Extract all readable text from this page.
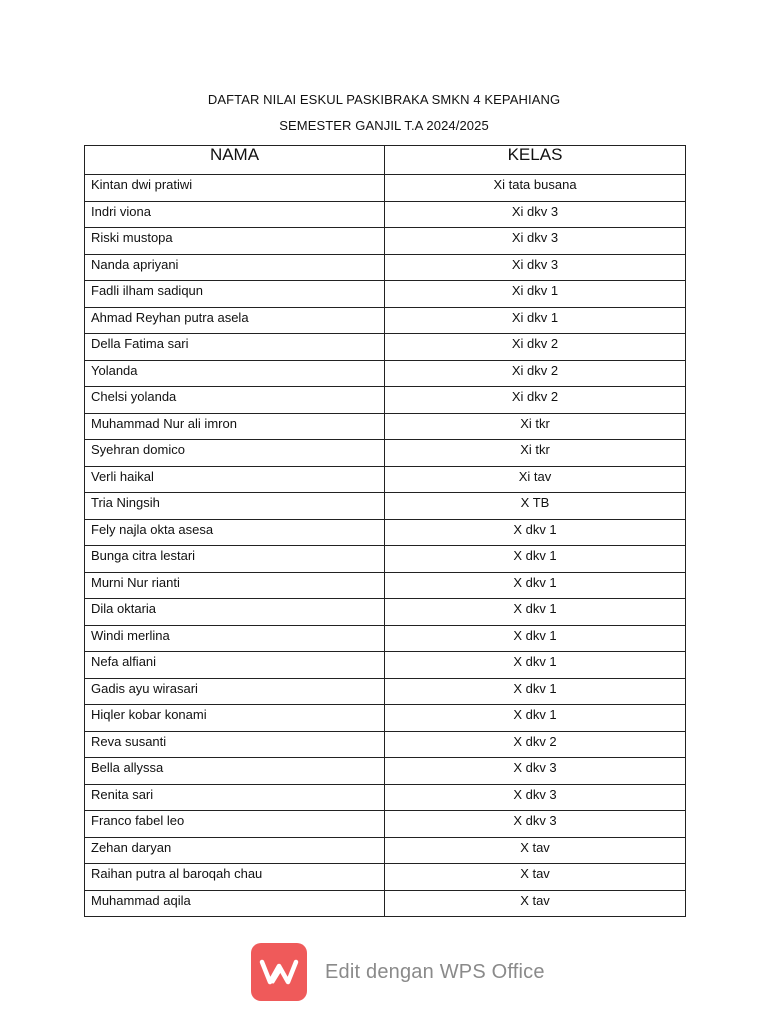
DAFTAR NILAI ESKUL PASKIBRAKA SMKN 4 KEPAHIANG
SEMESTER GANJIL T.A 2024/2025
NAMA	KELAS
Kintan dwi pratiwi	Xi tata busana
Indri viona	Xi dkv 3
Riski mustopa	Xi dkv 3
Nanda apriyani	Xi dkv 3
Fadli ilham sadiqun	Xi dkv 1
Ahmad Reyhan putra asela	Xi dkv 1
Della Fatima sari	Xi dkv 2
Yolanda	Xi dkv 2
Chelsi yolanda	Xi dkv 2
Muhammad Nur ali imron	Xi tkr
Syehran domico	Xi tkr
Verli haikal	Xi tav
Tria Ningsih	X TB
Fely najla okta asesa	X dkv 1
Bunga citra lestari	X dkv 1
Murni Nur rianti	X dkv 1
Dila oktaria	X dkv 1
Windi merlina	X dkv 1
Nefa alfiani	X dkv 1
Gadis ayu wirasari	X dkv 1
Hiqler kobar konami	X dkv 1
Reva susanti	X dkv 2
Bella allyssa	X dkv 3
Renita sari	X dkv 3
Franco fabel leo	X dkv 3
Zehan daryan	X tav
Raihan putra al baroqah chau	X tav
Muhammad aqila	X tav
Edit dengan WPS Office
